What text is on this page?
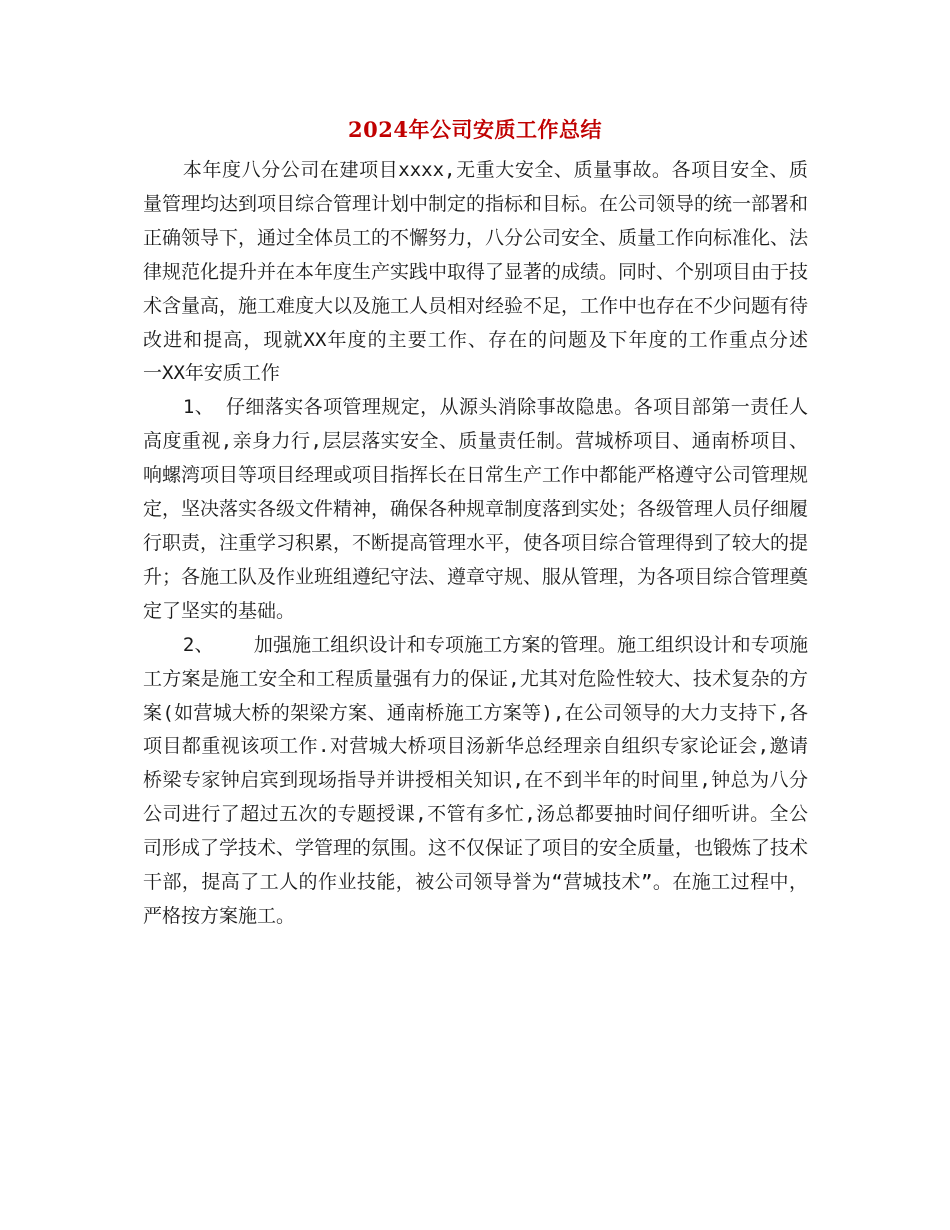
2024年公司安质工作总结

本年度八分公司在建项目xxxx,无重大安全、质量事故。各项目安全、质量管理均达到项目综合管理计划中制定的指标和目标。在公司领导的统一部署和正确领导下，通过全体员工的不懈努力，八分公司安全、质量工作向标准化、法律规范化提升并在本年度生产实践中取得了显著的成绩。同时、个别项目由于技术含量高，施工难度大以及施工人员相对经验不足，工作中也存在不少问题有待改进和提高，现就XX年度的主要工作、存在的问题及下年度的工作重点分述　　一XX年安质工作

1、 仔细落实各项管理规定，从源头消除事故隐患。各项目部第一责任人高度重视,亲身力行,层层落实安全、质量责任制。营城桥项目、通南桥项目、响螺湾项目等项目经理或项目指挥长在日常生产工作中都能严格遵守公司管理规定，坚决落实各级文件精神，确保各种规章制度落到实处；各级管理人员仔细履行职责，注重学习积累，不断提高管理水平，使各项目综合管理得到了较大的提升；各施工队及作业班组遵纪守法、遵章守规、服从管理，为各项目综合管理奠定了坚实的基础。

2、　　 加强施工组织设计和专项施工方案的管理。施工组织设计和专项施工方案是施工安全和工程质量强有力的保证,尤其对危险性较大、技术复杂的方案(如营城大桥的架梁方案、通南桥施工方案等),在公司领导的大力支持下,各项目都重视该项工作.对营城大桥项目汤新华总经理亲自组织专家论证会,邀请桥梁专家钟启宾到现场指导并讲授相关知识,在不到半年的时间里,钟总为八分公司进行了超过五次的专题授课,不管有多忙,汤总都要抽时间仔细听讲。全公司形成了学技术、学管理的氛围。这不仅保证了项目的安全质量，也锻炼了技术干部，提高了工人的作业技能，被公司领导誉为“营城技术”。在施工过程中，严格按方案施工。
